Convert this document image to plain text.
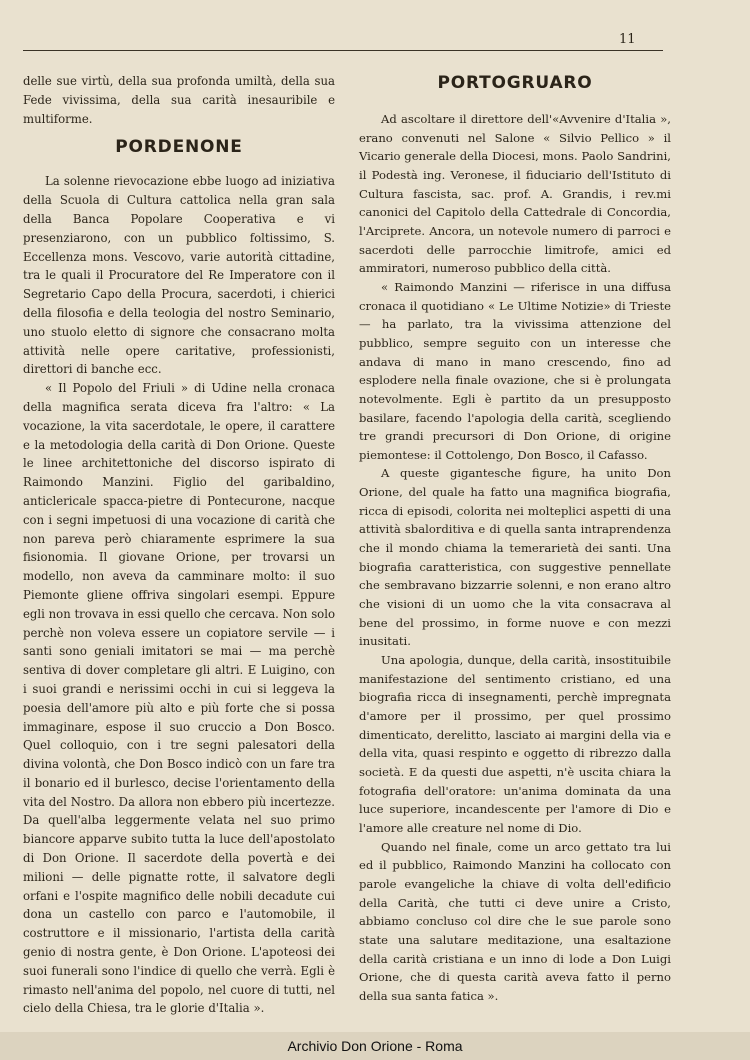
11

delle sue virtù, della sua profonda umiltà, della sua Fede vivissima, della sua carità inesauribile e multiforme.

PORDENONE

La solenne rievocazione ebbe luogo ad iniziativa della Scuola di Cultura cattolica nella gran sala della Banca Popolare Cooperativa e vi presenziarono, con un pubblico foltissimo, S. Eccellenza mons. Vescovo, varie autorità cittadine, tra le quali il Procuratore del Re Imperatore con il Segretario Capo della Procura, sacerdoti, i chierici della filosofia e della teologia del nostro Seminario, uno stuolo eletto di signore che consacrano molta attività nelle opere caritative, professionisti, direttori di banche ecc.

« Il Popolo del Friuli » di Udine nella cronaca della magnifica serata diceva fra l'altro: « La vocazione, la vita sacerdotale, le opere, il carattere e la metodologia della carità di Don Orione. Queste le linee architettoniche del discorso ispirato di Raimondo Manzini. Figlio del garibaldino, anticlericale spacca-pietre di Pontecurone, nacque con i segni impetuosi di una vocazione di carità che non pareva però chiaramente esprimere la sua fisionomia. Il giovane Orione, per trovarsi un modello, non aveva da camminare molto: il suo Piemonte gliene offriva singolari esempi. Eppure egli non trovava in essi quello che cercava. Non solo perchè non voleva essere un copiatore servile — i santi sono geniali imitatori se mai — ma perchè sentiva di dover completare gli altri. E Luigino, con i suoi grandi e nerissimi occhi in cui si leggeva la poesia dell'amore più alto e più forte che si possa immaginare, espose il suo cruccio a Don Bosco. Quel colloquio, con i tre segni palesatori della divina volontà, che Don Bosco indicò con un fare tra il bonario ed il burlesco, decise l'orientamento della vita del Nostro. Da allora non ebbero più incertezze. Da quell'alba leggermente velata nel suo primo biancore apparve subito tutta la luce dell'apostolato di Don Orione. Il sacerdote della povertà e dei milioni — delle pignatte rotte, il salvatore degli orfani e l'ospite magnifico delle nobili decadute cui dona un castello con parco e l'automobile, il costruttore e il missionario, l'artista della carità genio di nostra gente, è Don Orione. L'apoteosi dei suoi funerali sono l'indice di quello che verrà. Egli è rimasto nell'anima del popolo, nel cuore di tutti, nel cielo della Chiesa, tra le glorie d'Italia ».

PORTOGRUARO

Ad ascoltare il direttore dell'«Avvenire d'Italia », erano convenuti nel Salone « Silvio Pellico » il Vicario generale della Diocesi, mons. Paolo Sandrini, il Podestà ing. Veronese, il fiduciario dell'Istituto di Cultura fascista, sac. prof. A. Grandis, i rev.mi canonici del Capitolo della Cattedrale di Concordia, l'Arciprete. Ancora, un notevole numero di parroci e sacerdoti delle parrocchie limitrofe, amici ed ammiratori, numeroso pubblico della città.

« Raimondo Manzini — riferisce in una diffusa cronaca il quotidiano « Le Ultime Notizie» di Trieste — ha parlato, tra la vivissima attenzione del pubblico, sempre seguito con un interesse che andava di mano in mano crescendo, fino ad esplodere nella finale ovazione, che si è prolungata notevolmente. Egli è partito da un presupposto basilare, facendo l'apologia della carità, scegliendo tre grandi precursori di Don Orione, di origine piemontese: il Cottolengo, Don Bosco, il Cafasso.

A queste gigantesche figure, ha unito Don Orione, del quale ha fatto una magnifica biografia, ricca di episodi, colorita nei molteplici aspetti di una attività sbalorditiva e di quella santa intraprendenza che il mondo chiama la temerarietà dei santi. Una biografia caratteristica, con suggestive pennellate che sembravano bizzarrie solenni, e non erano altro che visioni di un uomo che la vita consacrava al bene del prossimo, in forme nuove e con mezzi inusitati.

Una apologia, dunque, della carità, insostituibile manifestazione del sentimento cristiano, ed una biografia ricca di insegnamenti, perchè impregnata d'amore per il prossimo, per quel prossimo dimenticato, derelitto, lasciato ai margini della via e della vita, quasi respinto e oggetto di ribrezzo dalla società. E da questi due aspetti, n'è uscita chiara la fotografia dell'oratore: un'anima dominata da una luce superiore, incandescente per l'amore di Dio e l'amore alle creature nel nome di Dio.

Quando nel finale, come un arco gettato tra lui ed il pubblico, Raimondo Manzini ha collocato con parole evangeliche la chiave di volta dell'edificio della Carità, che tutti ci deve unire a Cristo, abbiamo concluso col dire che le sue parole sono state una salutare meditazione, una esaltazione della carità cristiana e un inno di lode a Don Luigi Orione, che di questa carità aveva fatto il perno della sua santa fatica ».

Archivio Don Orione - Roma
